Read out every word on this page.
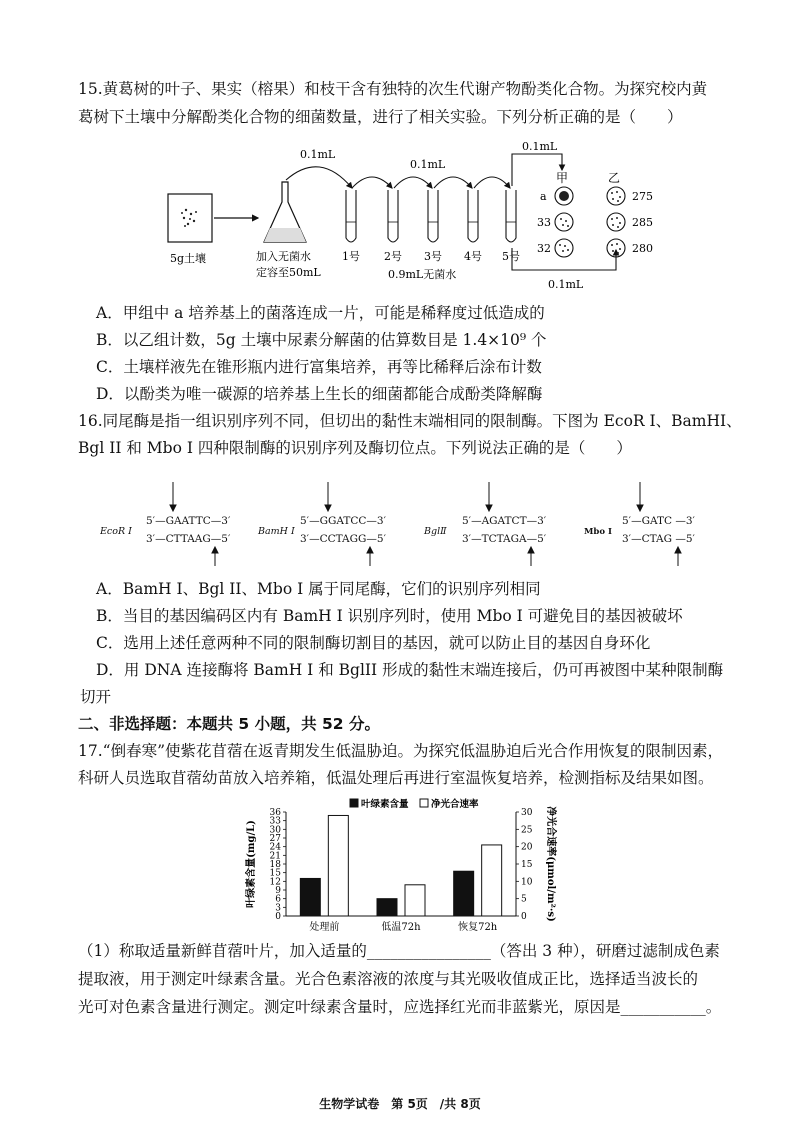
15.黄葛树的叶子、果实（榕果）和枝干含有独特的次生代谢产物酚类化合物。为探究校内黄
葛树下土壤中分解酚类化合物的细菌数量，进行了相关实验。下列分析正确的是（　　）
5g土壤	加入无菌水
定容至50mL
0.1mL
0.1mL
1号 2号 3号 4号 5号
0.9mL无菌水
0.1mL
0.1mL
甲	乙
a
33
32
275
285
280
A．甲组中 a 培养基上的菌落连成一片，可能是稀释度过低造成的
B．以乙组计数，5g 土壤中尿素分解菌的估算数目是 1.4×10⁹ 个
C．土壤样液先在锥形瓶内进行富集培养，再等比稀释后涂布计数
D．以酚类为唯一碳源的培养基上生长的细菌都能合成酚类降解酶
16.同尾酶是指一组识别序列不同，但切出的黏性末端相同的限制酶。下图为 EcoR I、BamHI、
Bgl II 和 Mbo I 四种限制酶的识别序列及酶切位点。下列说法正确的是（　　）
EcoR I
5′—GAATTC—3′
3′—CTTAAG—5′
BamH I
5′—GGATCC—3′
3′—CCTAGG—5′
BglⅡ
5′—AGATCT—3′
3′—TCTAGA—5′
Mbo I
5′—GATC —3′
3′—CTAG —5′
A．BamH I、Bgl II、Mbo I 属于同尾酶，它们的识别序列相同
B．当目的基因编码区内有 BamH I 识别序列时，使用 Mbo I 可避免目的基因被破坏
C．选用上述任意两种不同的限制酶切割目的基因，就可以防止目的基因自身环化
D．用 DNA 连接酶将 BamH I 和 BglII 形成的黏性末端连接后，仍可再被图中某种限制酶
切开
二、非选择题：本题共 5 小题，共 52 分。
17.“倒春寒”使紫花苜蓿在返青期发生低温胁迫。为探究低温胁迫后光合作用恢复的限制因素，
科研人员选取苜蓿幼苗放入培养箱，低温处理后再进行室温恢复培养，检测指标及结果如图。
0
3
6
9
12
15
18
21
24
27
30
33
36
0
5
10
15
20
25
30
处理前	低温72h	恢复72h
叶绿素含量 净光合速率
叶绿素含量(mg/L)	净光合速率(μmol/m²·s)
（1）称取适量新鲜苜蓿叶片，加入适量的________________（答出 3 种），研磨过滤制成色素
提取液，用于测定叶绿素含量。光合色素溶液的浓度与其光吸收值成正比，选择适当波长的
光可对色素含量进行测定。测定叶绿素含量时，应选择红光而非蓝紫光，原因是___________。
生物学试卷　第 5页　/共 8页
